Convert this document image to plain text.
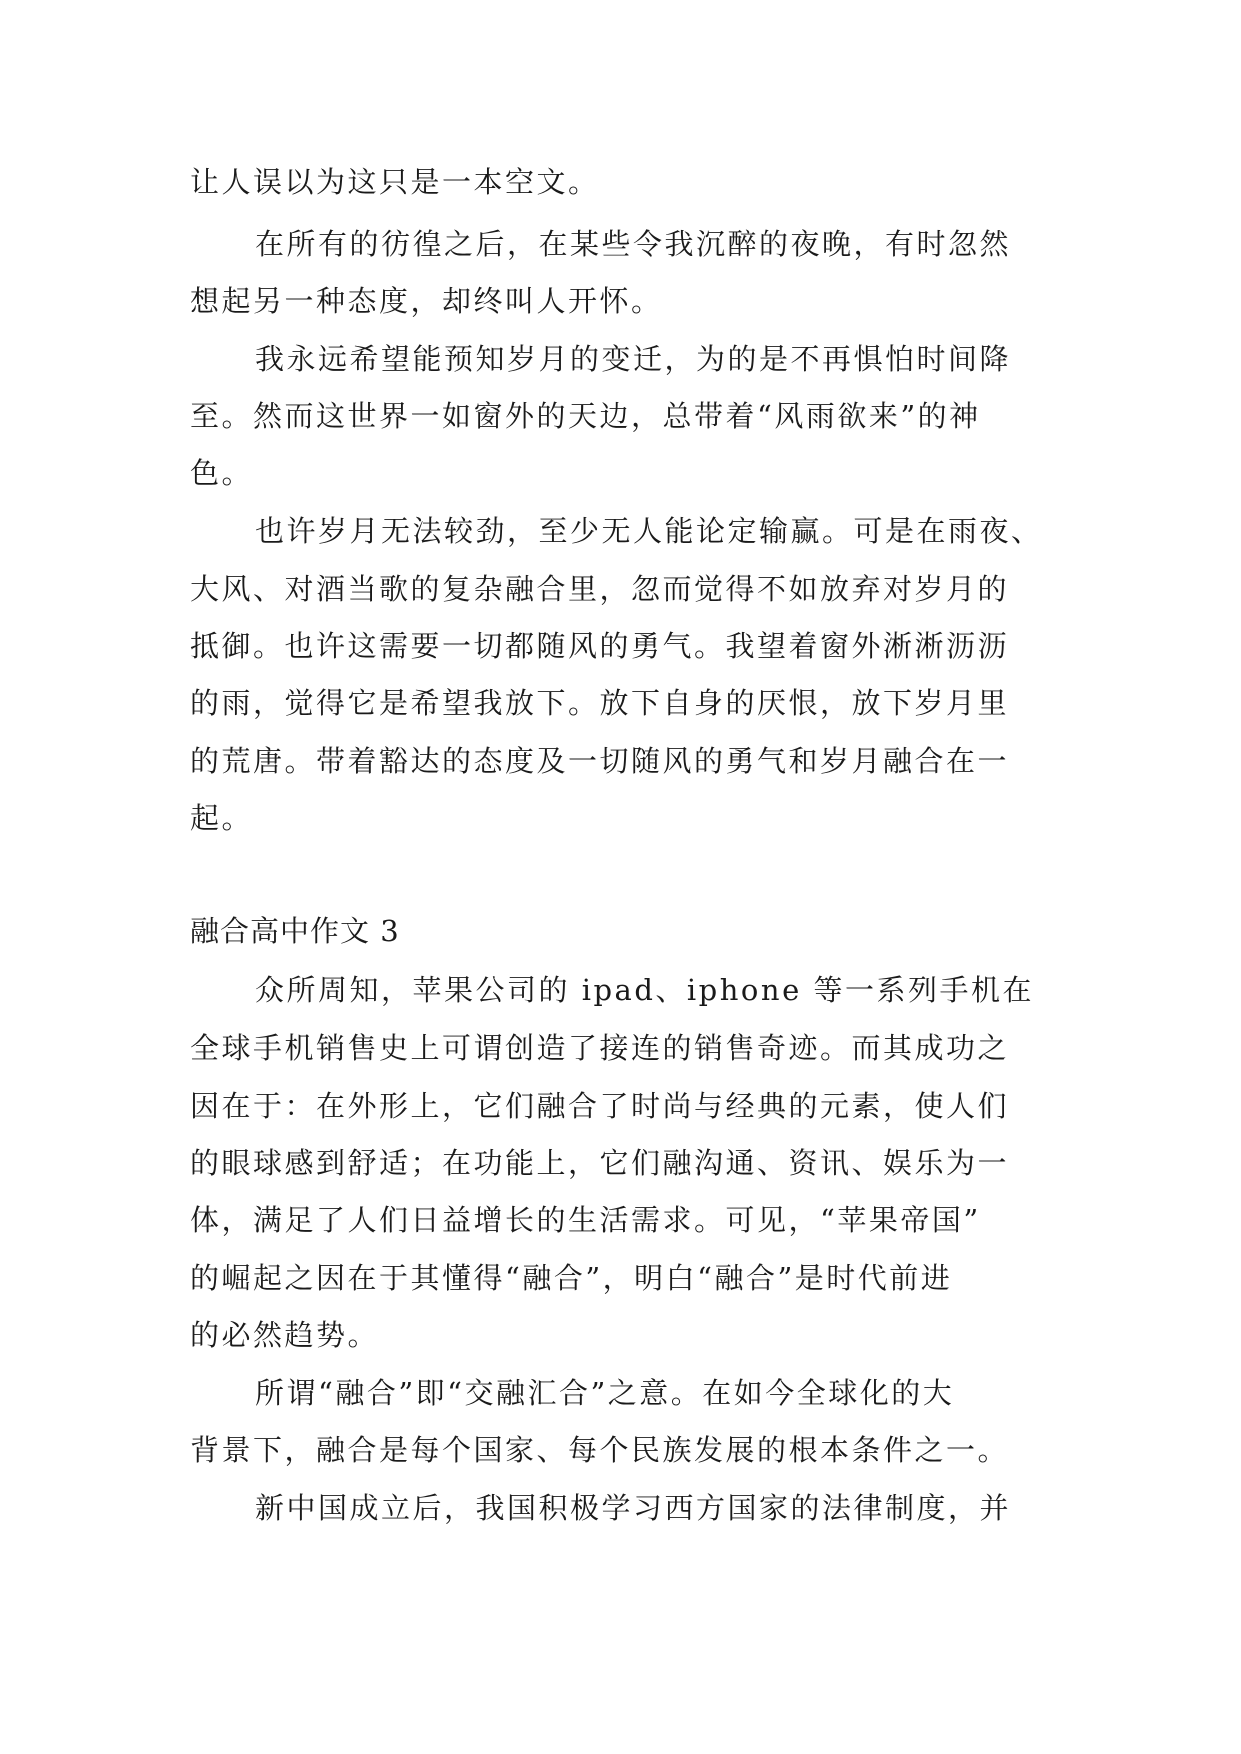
让人误以为这只是一本空文。
在所有的彷徨之后，在某些令我沉醉的夜晚，有时忽然
想起另一种态度，却终叫人开怀。
我永远希望能预知岁月的变迁，为的是不再惧怕时间降
至。然而这世界一如窗外的天边，总带着“风雨欲来”的神
色。
也许岁月无法较劲，至少无人能论定输赢。可是在雨夜、
大风、对酒当歌的复杂融合里，忽而觉得不如放弃对岁月的
抵御。也许这需要一切都随风的勇气。我望着窗外淅淅沥沥
的雨，觉得它是希望我放下。放下自身的厌恨，放下岁月里
的荒唐。带着豁达的态度及一切随风的勇气和岁月融合在一
起。
融合高中作文 3
众所周知，苹果公司的 ipad、iphone 等一系列手机在
全球手机销售史上可谓创造了接连的销售奇迹。而其成功之
因在于：在外形上，它们融合了时尚与经典的元素，使人们
的眼球感到舒适；在功能上，它们融沟通、资讯、娱乐为一
体，满足了人们日益增长的生活需求。可见，“苹果帝国”
的崛起之因在于其懂得“融合”，明白“融合”是时代前进
的必然趋势。
所谓“融合”即“交融汇合”之意。在如今全球化的大
背景下，融合是每个国家、每个民族发展的根本条件之一。
新中国成立后，我国积极学习西方国家的法律制度，并
